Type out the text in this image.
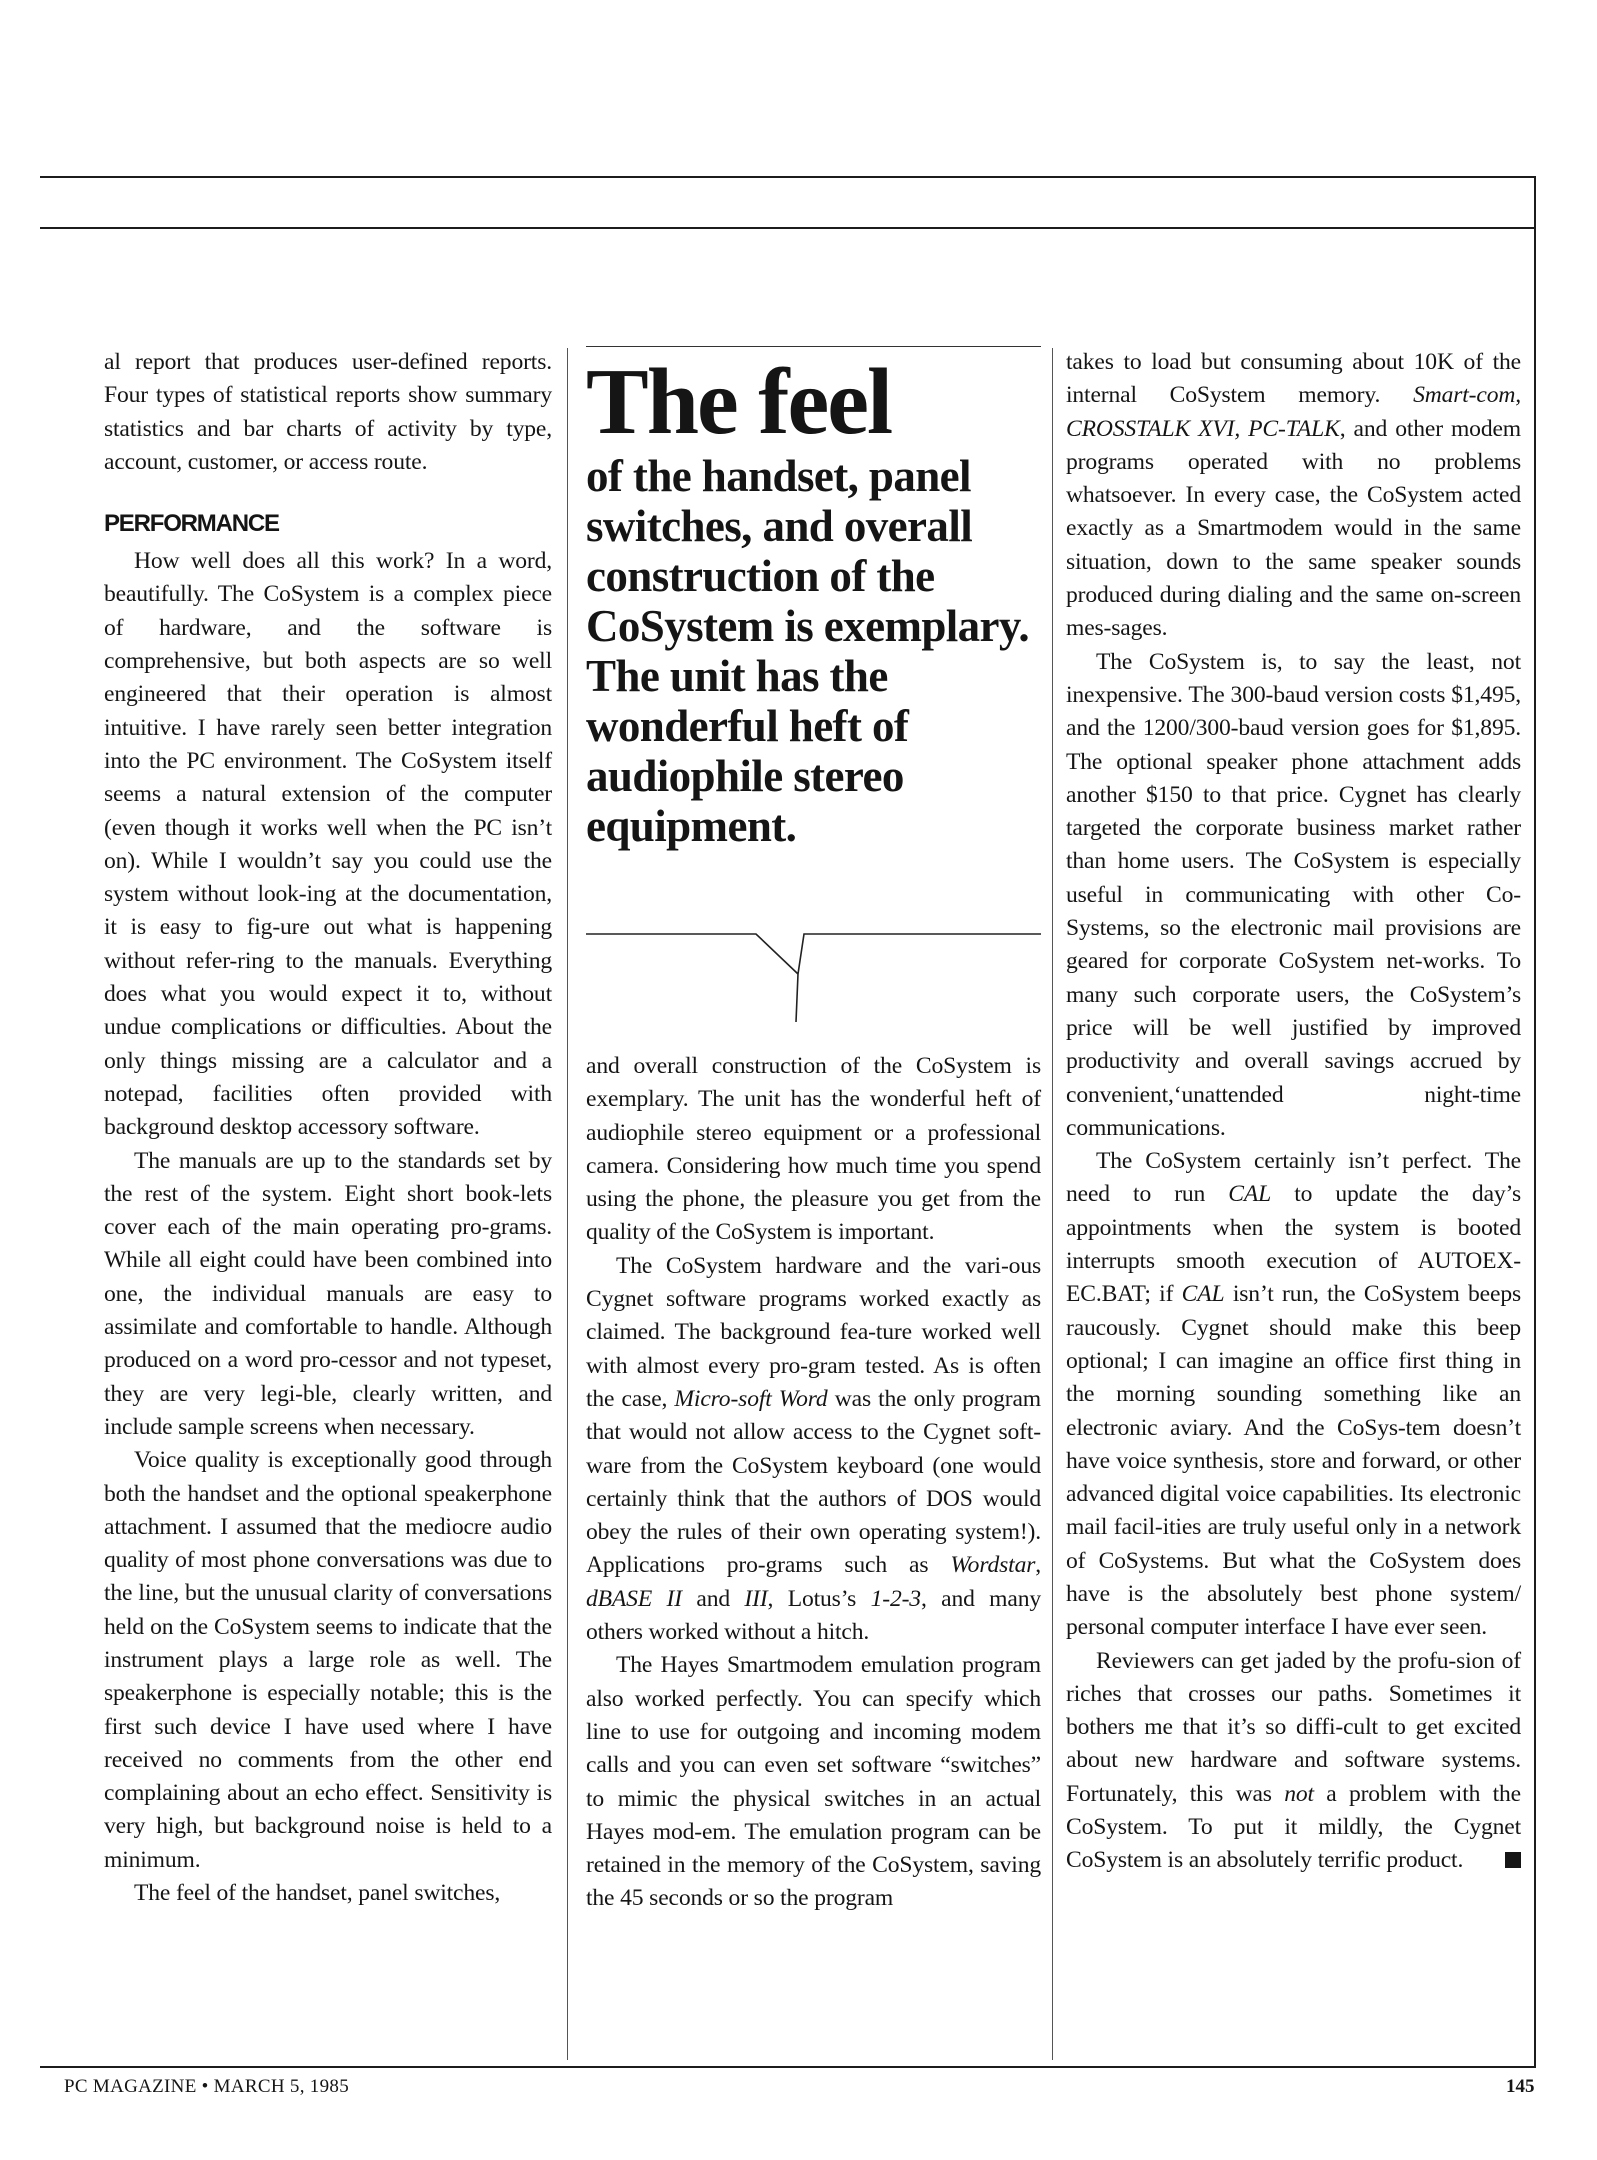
al report that produces user-defined reports. Four types of statistical reports show summary statistics and bar charts of activity by type, account, customer, or access route.

PERFORMANCE

How well does all this work? In a word, beautifully. The CoSystem is a complex piece of hardware, and the software is comprehensive, but both aspects are so well engineered that their operation is almost intuitive. I have rarely seen better integration into the PC environment. The CoSystem itself seems a natural extension of the computer (even though it works well when the PC isn’t on). While I wouldn’t say you could use the system without look-ing at the documentation, it is easy to fig-ure out what is happening without refer-ring to the manuals. Everything does what you would expect it to, without undue complications or difficulties. About the only things missing are a calculator and a notepad, facilities often provided with background desktop accessory software.

The manuals are up to the standards set by the rest of the system. Eight short book-lets cover each of the main operating pro-grams. While all eight could have been combined into one, the individual manuals are easy to assimilate and comfortable to handle. Although produced on a word pro-cessor and not typeset, they are very legi-ble, clearly written, and include sample screens when necessary.

Voice quality is exceptionally good through both the handset and the optional speakerphone attachment. I assumed that the mediocre audio quality of most phone conversations was due to the line, but the unusual clarity of conversations held on the CoSystem seems to indicate that the instrument plays a large role as well. The speakerphone is especially notable; this is the first such device I have used where I have received no comments from the other end complaining about an echo effect. Sensitivity is very high, but background noise is held to a minimum.

The feel of the handset, panel switches,

The feel
of the handset, panel switches, and overall construction of the CoSystem is exemplary. The unit has the wonderful heft of audiophile stereo equipment.

and overall construction of the CoSystem is exemplary. The unit has the wonderful heft of audiophile stereo equipment or a professional camera. Considering how much time you spend using the phone, the pleasure you get from the quality of the CoSystem is important.

The CoSystem hardware and the vari-ous Cygnet software programs worked exactly as claimed. The background fea-ture worked well with almost every pro-gram tested. As is often the case, Micro-soft Word was the only program that would not allow access to the Cygnet soft-ware from the CoSystem keyboard (one would certainly think that the authors of DOS would obey the rules of their own operating system!). Applications pro-grams such as Wordstar, dBASE II and III, Lotus’s 1-2-3, and many others worked without a hitch.

The Hayes Smartmodem emulation program also worked perfectly. You can specify which line to use for outgoing and incoming modem calls and you can even set software “switches” to mimic the physical switches in an actual Hayes mod-em. The emulation program can be retained in the memory of the CoSystem, saving the 45 seconds or so the program

takes to load but consuming about 10K of the internal CoSystem memory. Smart-com, CROSSTALK XVI, PC-TALK, and other modem programs operated with no problems whatsoever. In every case, the CoSystem acted exactly as a Smartmodem would in the same situation, down to the same speaker sounds produced during dialing and the same on-screen mes-sages.

The CoSystem is, to say the least, not inexpensive. The 300-baud version costs $1,495, and the 1200/300-baud version goes for $1,895. The optional speaker phone attachment adds another $150 to that price. Cygnet has clearly targeted the corporate business market rather than home users. The CoSystem is especially useful in communicating with other Co-Systems, so the electronic mail provisions are geared for corporate CoSystem net-works. To many such corporate users, the CoSystem’s price will be well justified by improved productivity and overall savings accrued by convenient,‘unattended night-time communications.

The CoSystem certainly isn’t perfect. The need to run CAL to update the day’s appointments when the system is booted interrupts smooth execution of AUTOEX-EC.BAT; if CAL isn’t run, the CoSystem beeps raucously. Cygnet should make this beep optional; I can imagine an office first thing in the morning sounding something like an electronic aviary. And the CoSys-tem doesn’t have voice synthesis, store and forward, or other advanced digital voice capabilities. Its electronic mail facil-ities are truly useful only in a network of CoSystems. But what the CoSystem does have is the absolutely best phone system/ personal computer interface I have ever seen.

Reviewers can get jaded by the profu-sion of riches that crosses our paths. Sometimes it bothers me that it’s so diffi-cult to get excited about new hardware and software systems. Fortunately, this was not a problem with the CoSystem. To put it mildly, the Cygnet CoSystem is an absolutely terrific product.

PC MAGAZINE • MARCH 5, 1985	145
